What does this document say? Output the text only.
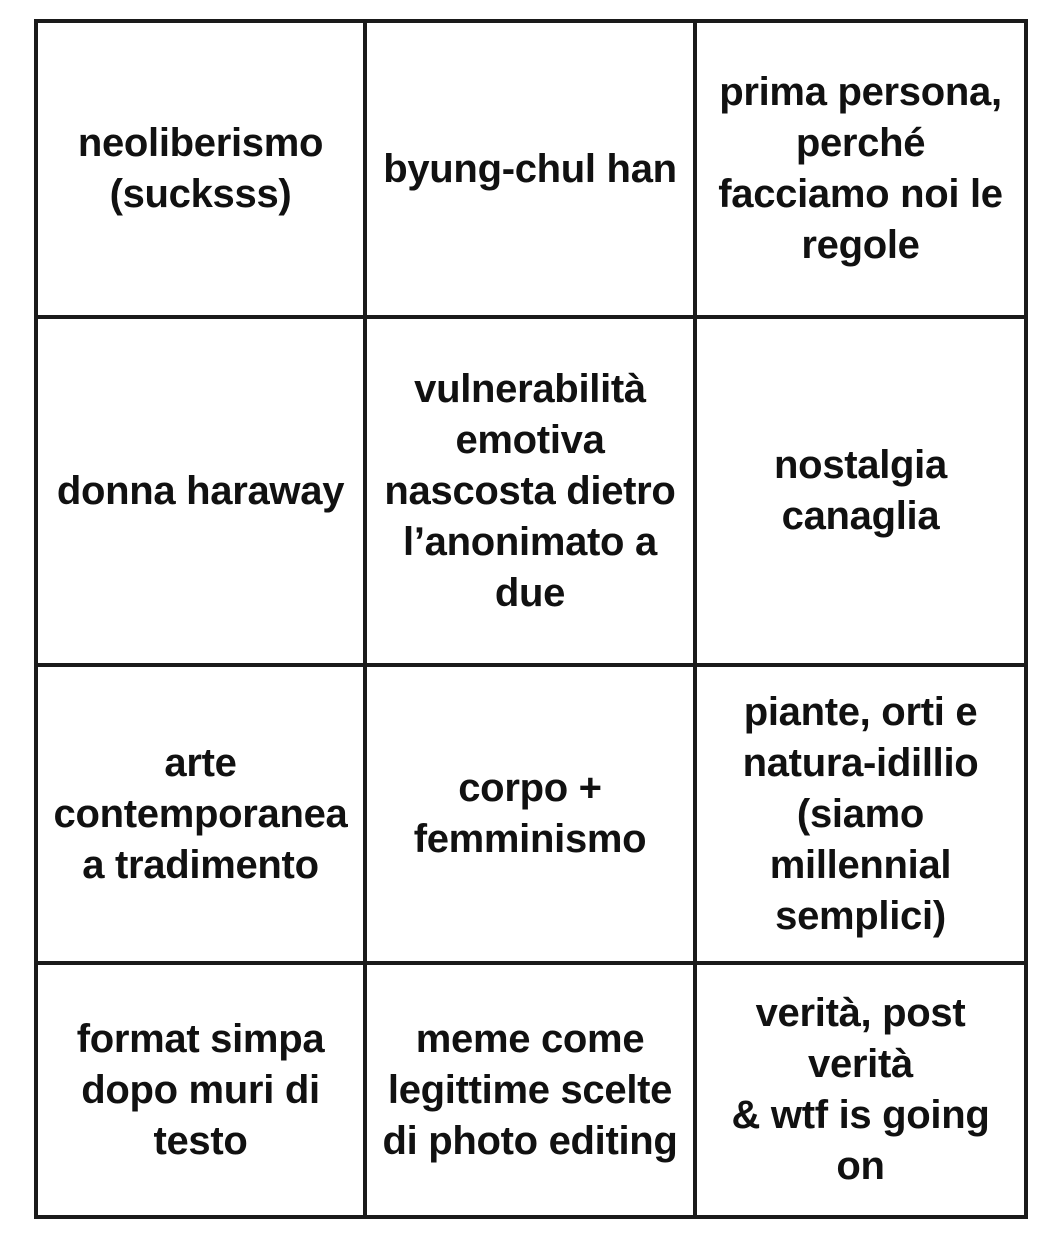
neoliberismo
(sucksss)
byung-chul han
prima persona,
perché
facciamo noi le
regole
donna haraway
vulnerabilità
emotiva
nascosta dietro
l’anonimato a
due
nostalgia
canaglia
arte
contemporanea
a tradimento
corpo +
femminismo
piante, orti e
natura-idillio
(siamo
millennial
semplici)
format simpa
dopo muri di
testo
meme come
legittime scelte
di photo editing
verità, post
verità
& wtf is going
on
